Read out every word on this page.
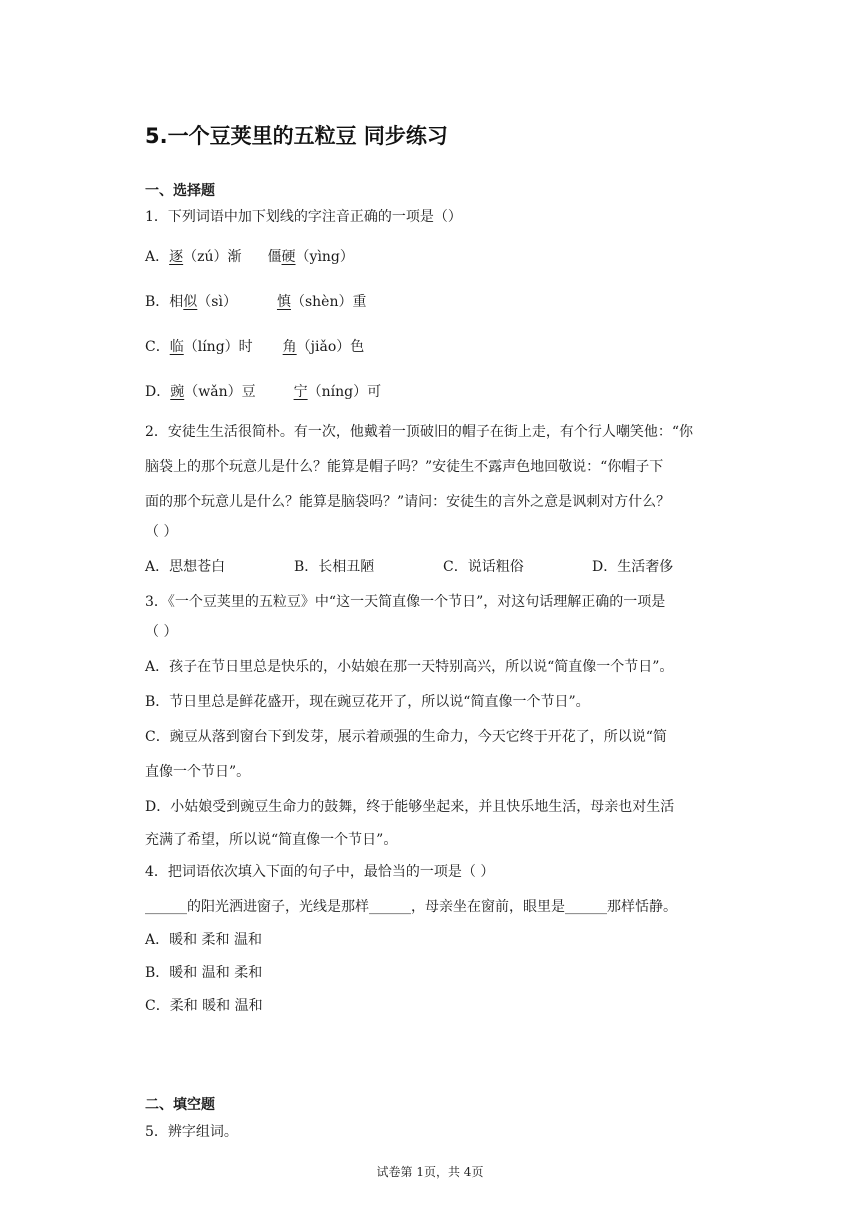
5.一个豆荚里的五粒豆 同步练习
一、选择题
1．下列词语中加下划线的字注音正确的一项是（）
A．逐（zú）渐 僵硬（yìng）
B．相似（sì）	慎（shèn）重
C．临（líng）时 角（jiǎo）色
D．豌（wǎn）豆	宁（níng）可
2．安徒生生活很简朴。有一次，他戴着一顶破旧的帽子在街上走，有个行人嘲笑他：“你
脑袋上的那个玩意儿是什么？能算是帽子吗？”安徒生不露声色地回敬说：“你帽子下
面的那个玩意儿是什么？能算是脑袋吗？”请问：安徒生的言外之意是讽刺对方什么？
（ ）
A．思想苍白	B．长相丑陋	C．说话粗俗	D．生活奢侈
3．《一个豆荚里的五粒豆》中“这一天简直像一个节日”，对这句话理解正确的一项是
（ ）
A．孩子在节日里总是快乐的，小姑娘在那一天特别高兴，所以说“简直像一个节日”。
B．节日里总是鲜花盛开，现在豌豆花开了，所以说“简直像一个节日”。
C．豌豆从落到窗台下到发芽，展示着顽强的生命力，今天它终于开花了，所以说“简
直像一个节日”。
D．小姑娘受到豌豆生命力的鼓舞，终于能够坐起来，并且快乐地生活，母亲也对生活
充满了希望，所以说“简直像一个节日”。
4．把词语依次填入下面的句子中，最恰当的一项是（ ）
______的阳光洒进窗子，光线是那样______，母亲坐在窗前，眼里是______那样恬静。
A．暖和 柔和 温和
B．暖和 温和 柔和
C．柔和 暖和 温和
二、填空题
5．辨字组词。
试卷第 1页，共 4页
